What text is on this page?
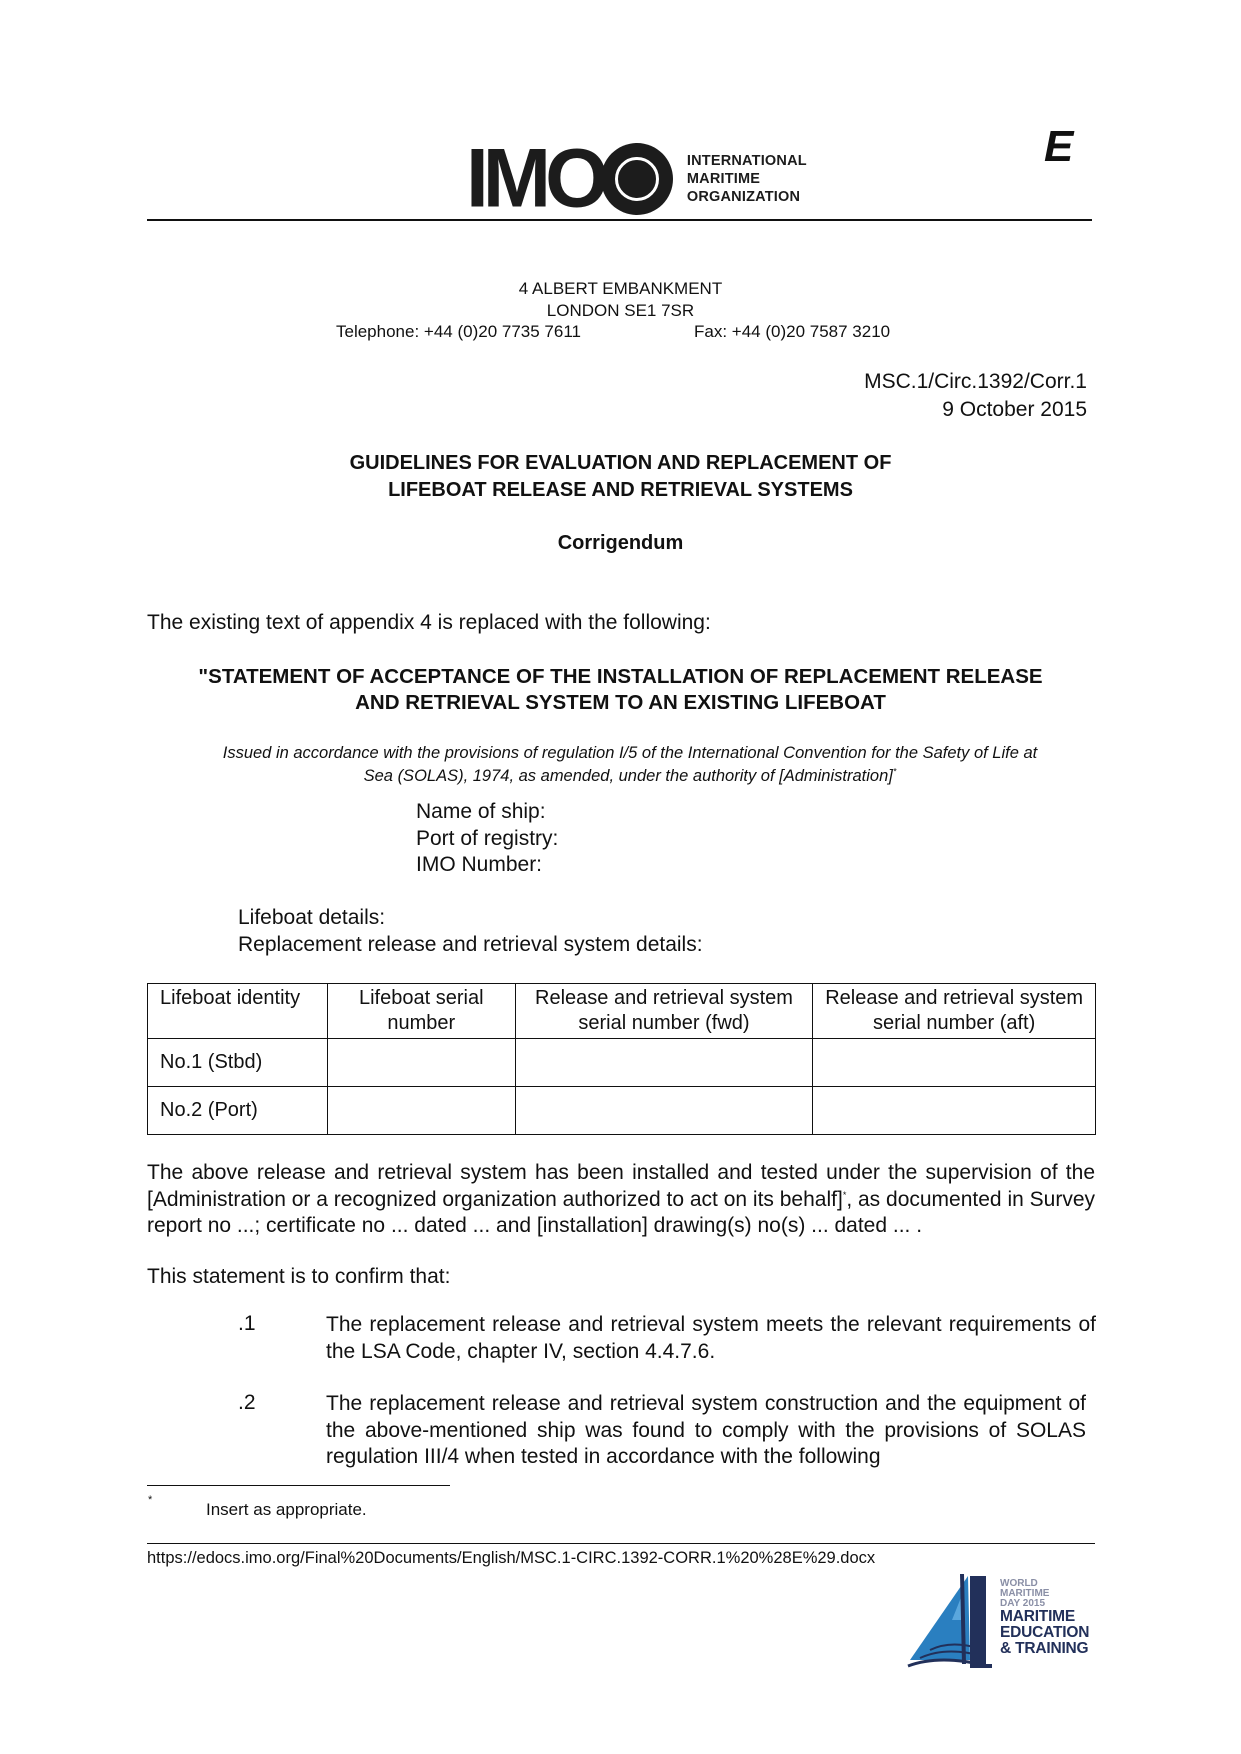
IMO	INTERNATIONAL
MARITIME
ORGANIZATION
E
4 ALBERT EMBANKMENT
LONDON SE1 7SR
Telephone: +44 (0)20 7735 7611	Fax: +44 (0)20 7587 3210
MSC.1/Circ.1392/Corr.1
9 October 2015
GUIDELINES FOR EVALUATION AND REPLACEMENT OF
LIFEBOAT RELEASE AND RETRIEVAL SYSTEMS
Corrigendum
The existing text of appendix 4 is replaced with the following:
"STATEMENT OF ACCEPTANCE OF THE INSTALLATION OF REPLACEMENT RELEASE
AND RETRIEVAL SYSTEM TO AN EXISTING LIFEBOAT
Issued in accordance with the provisions of regulation I/5 of the International Convention for the Safety of Life at
Sea (SOLAS), 1974, as amended, under the authority of [Administration]*
Name of ship:
Port of registry:
IMO Number:
Lifeboat details:
Replacement release and retrieval system details:
Lifeboat identity	Lifeboat serial number	Release and retrieval system serial number (fwd)	Release and retrieval system serial number (aft)
No.1 (Stbd)			
No.2 (Port)			
The above release and retrieval system has been installed and tested under the supervision of the [Administration or a recognized organization authorized to act on its behalf]*, as documented in Survey report no ...; certificate no ... dated ... and [installation] drawing(s) no(s) ... dated ... .
This statement is to confirm that:
.1	The replacement release and retrieval system meets the relevant requirements of the LSA Code, chapter IV, section 4.4.7.6.
.2	The replacement release and retrieval system construction and the equipment of the above-mentioned ship was found to comply with the provisions of SOLAS regulation III/4 when tested in accordance with the following
*	Insert as appropriate.
https://edocs.imo.org/Final%20Documents/English/MSC.1-CIRC.1392-CORR.1%20%28E%29.docx
WORLD
MARITIME
DAY 2015
MARITIME
EDUCATION
& TRAINING
